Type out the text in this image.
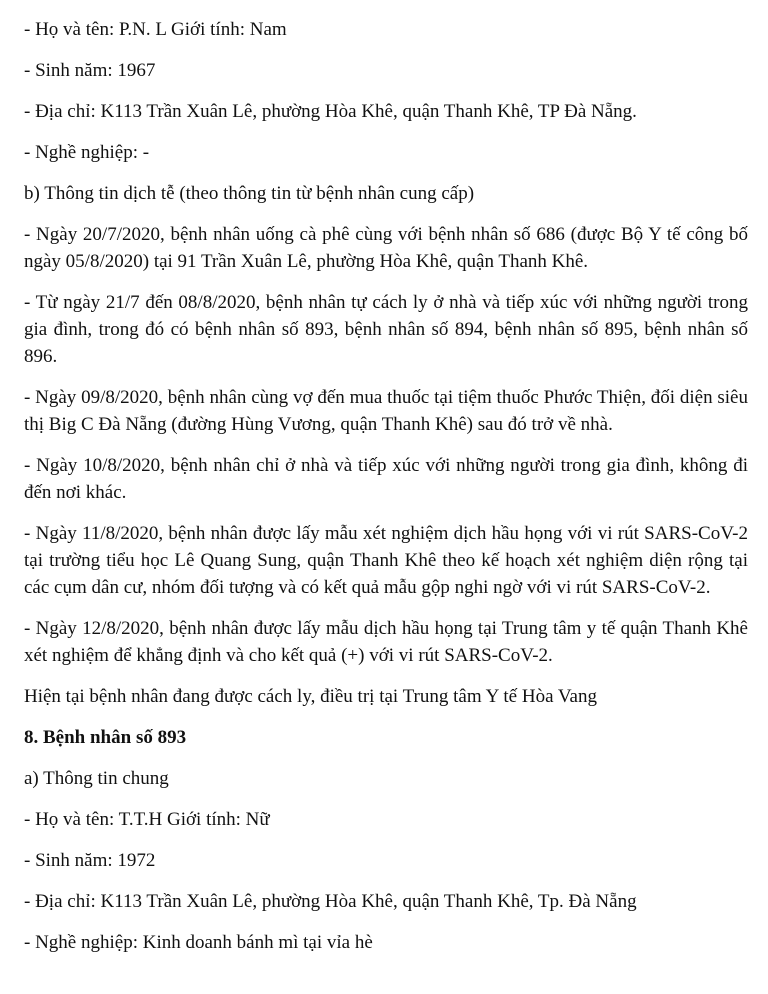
- Họ và tên: P.N. L Giới tính: Nam

- Sinh năm: 1967

- Địa chỉ: K113 Trần Xuân Lê, phường Hòa Khê, quận Thanh Khê, TP Đà Nẵng.

- Nghề nghiệp: -

b) Thông tin dịch tễ (theo thông tin từ bệnh nhân cung cấp)

- Ngày 20/7/2020, bệnh nhân uống cà phê cùng với bệnh nhân số 686 (được Bộ Y tế công bố ngày 05/8/2020) tại 91 Trần Xuân Lê, phường Hòa Khê, quận Thanh Khê.

- Từ ngày 21/7 đến 08/8/2020, bệnh nhân tự cách ly ở nhà và tiếp xúc với những người trong gia đình, trong đó có bệnh nhân số 893, bệnh nhân số 894, bệnh nhân số 895, bệnh nhân số 896.

- Ngày 09/8/2020, bệnh nhân cùng vợ đến mua thuốc tại tiệm thuốc Phước Thiện, đối diện siêu thị Big C Đà Nẵng (đường Hùng Vương, quận Thanh Khê) sau đó trở về nhà.

- Ngày 10/8/2020, bệnh nhân chỉ ở nhà và tiếp xúc với những người trong gia đình, không đi đến nơi khác.

- Ngày 11/8/2020, bệnh nhân được lấy mẫu xét nghiệm dịch hầu họng với vi rút SARS-CoV-2 tại trường tiểu học Lê Quang Sung, quận Thanh Khê theo kế hoạch xét nghiệm diện rộng tại các cụm dân cư, nhóm đối tượng và có kết quả mẫu gộp nghi ngờ với vi rút SARS-CoV-2.

- Ngày 12/8/2020, bệnh nhân được lấy mẫu dịch hầu họng tại Trung tâm y tế quận Thanh Khê xét nghiệm để khẳng định và cho kết quả (+) với vi rút SARS-CoV-2.

Hiện tại bệnh nhân đang được cách ly, điều trị tại Trung tâm Y tế Hòa Vang

8. Bệnh nhân số 893

a) Thông tin chung

- Họ và tên: T.T.H Giới tính: Nữ

- Sinh năm: 1972

- Địa chỉ: K113 Trần Xuân Lê, phường Hòa Khê, quận Thanh Khê, Tp. Đà Nẵng

- Nghề nghiệp: Kinh doanh bánh mì tại vỉa hè
